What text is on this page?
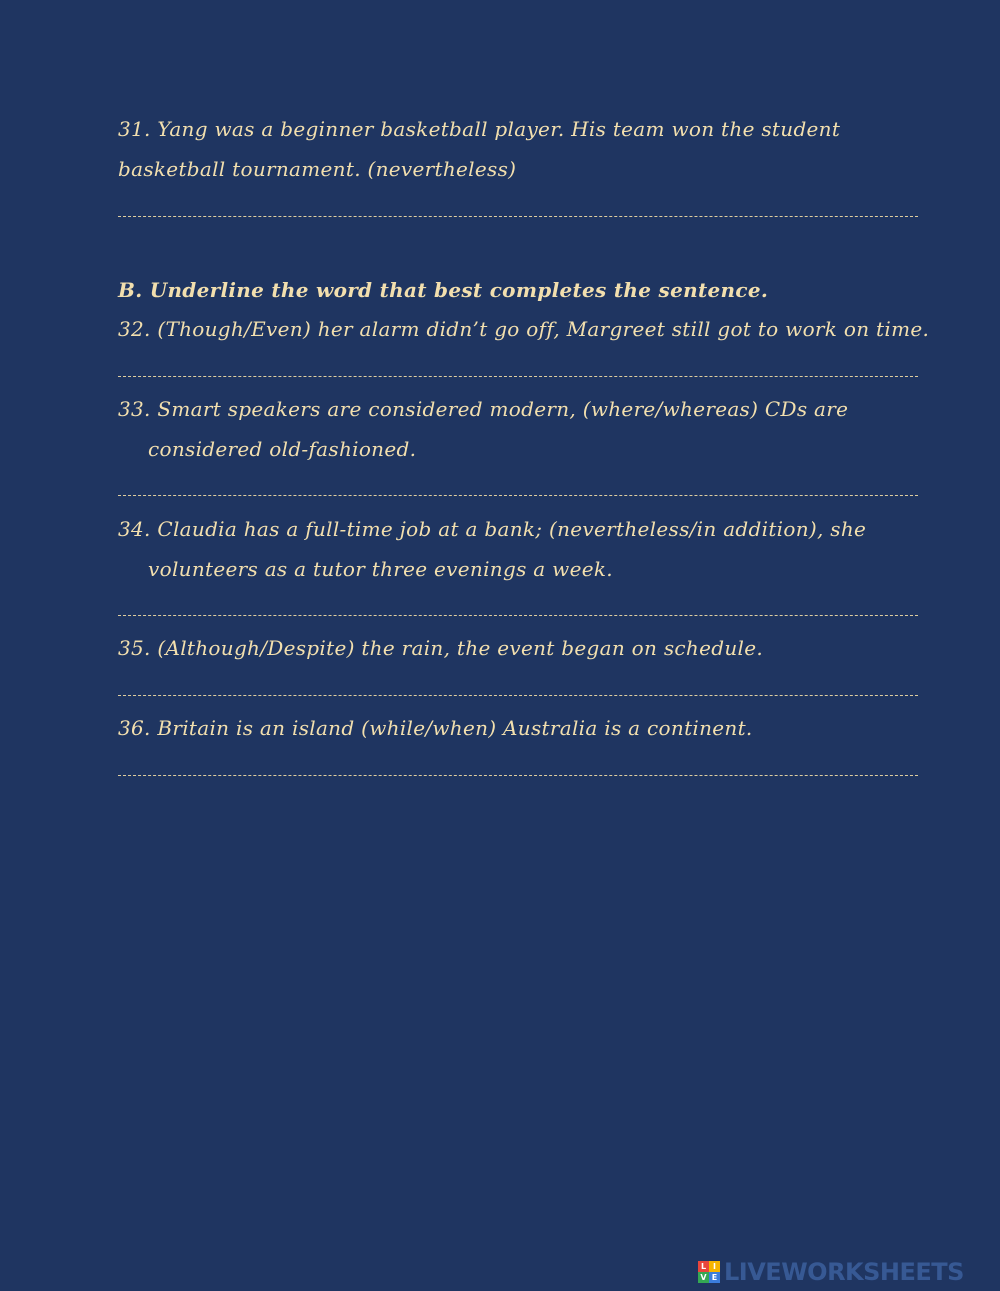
31. Yang was a beginner basketball player. His team won the student
basketball tournament. (nevertheless)
B. Underline the word that best completes the sentence.
32. (Though/Even) her alarm didn’t go off, Margreet still got to work on time.
33. Smart speakers are considered modern, (where/whereas) CDs are
considered old-fashioned.
34. Claudia has a full-time job at a bank; (nevertheless/in addition), she
volunteers as a tutor three evenings a week.
35. (Although/Despite) the rain, the event began on schedule.
36. Britain is an island (while/when) Australia is a continent.
L I
V E LIVEWORKSHEETS
